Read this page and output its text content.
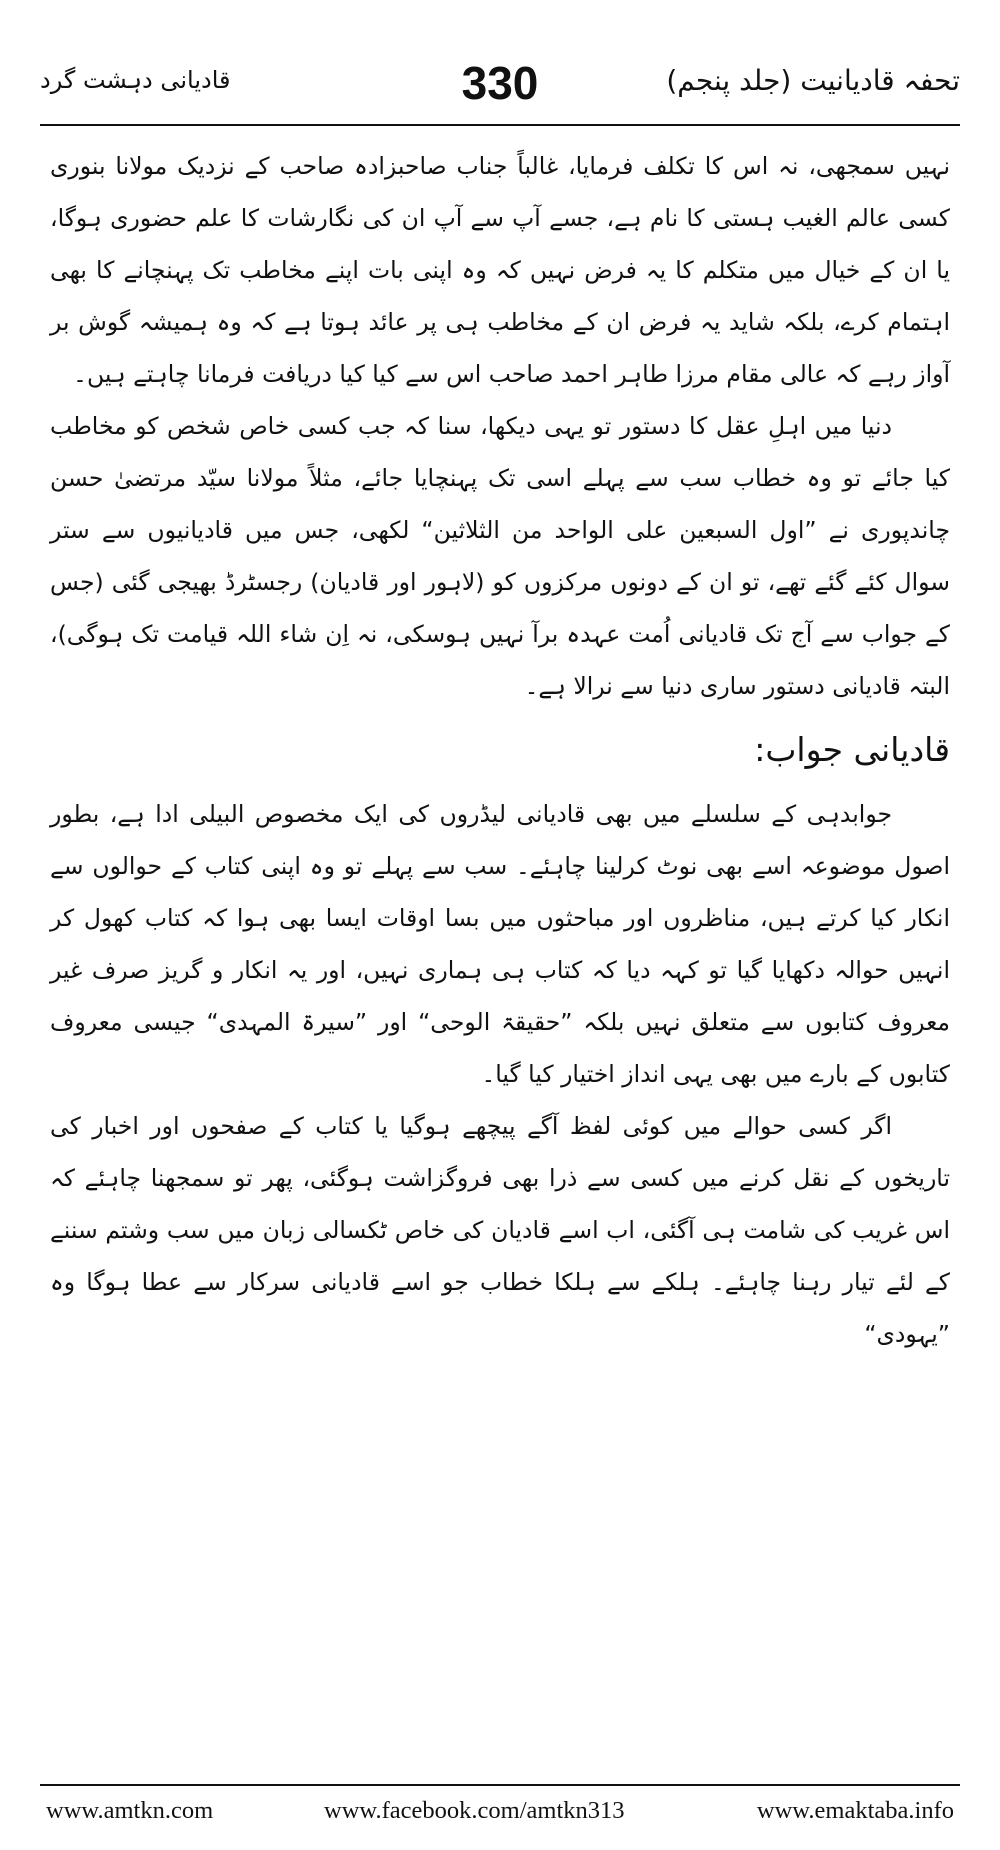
تحفہ قادیانیت (جلد پنجم)
330
قادیانی دہشت گرد

نہیں سمجھی، نہ اس کا تکلف فرمایا، غالباً جناب صاحبزادہ صاحب کے نزدیک مولانا بنوری کسی عالم الغیب ہستی کا نام ہے، جسے آپ سے آپ ان کی نگارشات کا علم حضوری ہوگا، یا ان کے خیال میں متکلم کا یہ فرض نہیں کہ وہ اپنی بات اپنے مخاطب تک پہنچانے کا بھی اہتمام کرے، بلکہ شاید یہ فرض ان کے مخاطب ہی پر عائد ہوتا ہے کہ وہ ہمیشہ گوش بر آواز رہے کہ عالی مقام مرزا طاہر احمد صاحب اس سے کیا کیا دریافت فرمانا چاہتے ہیں۔

دنیا میں اہلِ عقل کا دستور تو یہی دیکھا، سنا کہ جب کسی خاص شخص کو مخاطب کیا جائے تو وہ خطاب سب سے پہلے اسی تک پہنچایا جائے، مثلاً مولانا سیّد مرتضیٰ حسن چاندپوری نے ”اول السبعین علی الواحد من الثلاثین“ لکھی، جس میں قادیانیوں سے ستر سوال کئے گئے تھے، تو ان کے دونوں مرکزوں کو (لاہور اور قادیان) رجسٹرڈ بھیجی گئی (جس کے جواب سے آج تک قادیانی اُمت عہدہ برآ نہیں ہوسکی، نہ اِن شاء اللہ قیامت تک ہوگی)، البتہ قادیانی دستور ساری دنیا سے نرالا ہے۔

قادیانی جواب:

جوابدہی کے سلسلے میں بھی قادیانی لیڈروں کی ایک مخصوص البیلی ادا ہے، بطور اصول موضوعہ اسے بھی نوٹ کرلینا چاہئے۔ سب سے پہلے تو وہ اپنی کتاب کے حوالوں سے انکار کیا کرتے ہیں، مناظروں اور مباحثوں میں بسا اوقات ایسا بھی ہوا کہ کتاب کھول کر انہیں حوالہ دکھایا گیا تو کہہ دیا کہ کتاب ہی ہماری نہیں، اور یہ انکار و گریز صرف غیر معروف کتابوں سے متعلق نہیں بلکہ ”حقیقۃ الوحی“ اور ”سیرۃ المہدی“ جیسی معروف کتابوں کے بارے میں بھی یہی انداز اختیار کیا گیا۔

اگر کسی حوالے میں کوئی لفظ آگے پیچھے ہوگیا یا کتاب کے صفحوں اور اخبار کی تاریخوں کے نقل کرنے میں کسی سے ذرا بھی فروگزاشت ہوگئی، پھر تو سمجھنا چاہئے کہ اس غریب کی شامت ہی آگئی، اب اسے قادیان کی خاص ٹکسالی زبان میں سب وشتم سننے کے لئے تیار رہنا چاہئے۔ ہلکے سے ہلکا خطاب جو اسے قادیانی سرکار سے عطا ہوگا وہ ”یہودی“

www.amtkn.com	www.facebook.com/amtkn313	www.emaktaba.info
